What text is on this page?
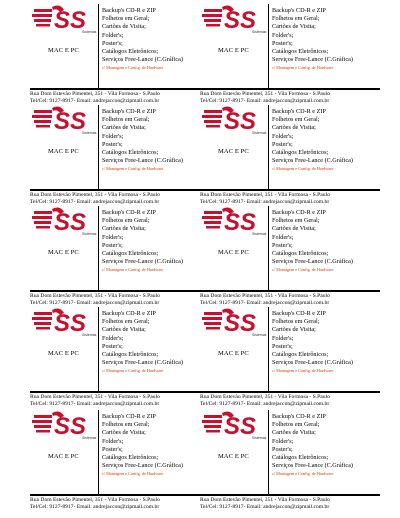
SS
Sistemas
MAC E PC
Backup's CD-R e ZIP
Folhetos em Geral;
Cartões de Visita;
Folder's;
Poster's;
Catálogos Eletrônicos;
Serviços Free-Lance (C.Gráfica)
c/ Montagem e Config. de Hardware
Rua Dom Estevão Pimentel, 351 - Vila Formosa - S.Paulo
Tel/Cel: 9127-8917- Email: andrejaccon@zipmail.com.br
SS
Sistemas
MAC E PC
Backup's CD-R e ZIP
Folhetos em Geral;
Cartões de Visita;
Folder's;
Poster's;
Catálogos Eletrônicos;
Serviços Free-Lance (C.Gráfica)
c/ Montagem e Config. de Hardware
Rua Dom Estevão Pimentel, 351 - Vila Formosa - S.Paulo
Tel/Cel: 9127-8917- Email: andrejaccon@zipmail.com.br
SS
Sistemas
MAC E PC
Backup's CD-R e ZIP
Folhetos em Geral;
Cartões de Visita;
Folder's;
Poster's;
Catálogos Eletrônicos;
Serviços Free-Lance (C.Gráfica)
c/ Montagem e Config. de Hardware
Rua Dom Estevão Pimentel, 351 - Vila Formosa - S.Paulo
Tel/Cel: 9127-8917- Email: andrejaccon@zipmail.com.br
SS
Sistemas
MAC E PC
Backup's CD-R e ZIP
Folhetos em Geral;
Cartões de Visita;
Folder's;
Poster's;
Catálogos Eletrônicos;
Serviços Free-Lance (C.Gráfica)
c/ Montagem e Config. de Hardware
Rua Dom Estevão Pimentel, 351 - Vila Formosa - S.Paulo
Tel/Cel: 9127-8917- Email: andrejaccon@zipmail.com.br
SS
Sistemas
MAC E PC
Backup's CD-R e ZIP
Folhetos em Geral;
Cartões de Visita;
Folder's;
Poster's;
Catálogos Eletrônicos;
Serviços Free-Lance (C.Gráfica)
c/ Montagem e Config. de Hardware
Rua Dom Estevão Pimentel, 351 - Vila Formosa - S.Paulo
Tel/Cel: 9127-8917- Email: andrejaccon@zipmail.com.br
SS
Sistemas
MAC E PC
Backup's CD-R e ZIP
Folhetos em Geral;
Cartões de Visita;
Folder's;
Poster's;
Catálogos Eletrônicos;
Serviços Free-Lance (C.Gráfica)
c/ Montagem e Config. de Hardware
Rua Dom Estevão Pimentel, 351 - Vila Formosa - S.Paulo
Tel/Cel: 9127-8917- Email: andrejaccon@zipmail.com.br
SS
Sistemas
MAC E PC
Backup's CD-R e ZIP
Folhetos em Geral;
Cartões de Visita;
Folder's;
Poster's;
Catálogos Eletrônicos;
Serviços Free-Lance (C.Gráfica)
c/ Montagem e Config. de Hardware
Rua Dom Estevão Pimentel, 351 - Vila Formosa - S.Paulo
Tel/Cel: 9127-8917- Email: andrejaccon@zipmail.com.br
SS
Sistemas
MAC E PC
Backup's CD-R e ZIP
Folhetos em Geral;
Cartões de Visita;
Folder's;
Poster's;
Catálogos Eletrônicos;
Serviços Free-Lance (C.Gráfica)
c/ Montagem e Config. de Hardware
Rua Dom Estevão Pimentel, 351 - Vila Formosa - S.Paulo
Tel/Cel: 9127-8917- Email: andrejaccon@zipmail.com.br
SS
Sistemas
MAC E PC
Backup's CD-R e ZIP
Folhetos em Geral;
Cartões de Visita;
Folder's;
Poster's;
Catálogos Eletrônicos;
Serviços Free-Lance (C.Gráfica)
c/ Montagem e Config. de Hardware
Rua Dom Estevão Pimentel, 351 - Vila Formosa - S.Paulo
Tel/Cel: 9127-8917- Email: andrejaccon@zipmail.com.br
SS
Sistemas
MAC E PC
Backup's CD-R e ZIP
Folhetos em Geral;
Cartões de Visita;
Folder's;
Poster's;
Catálogos Eletrônicos;
Serviços Free-Lance (C.Gráfica)
c/ Montagem e Config. de Hardware
Rua Dom Estevão Pimentel, 351 - Vila Formosa - S.Paulo
Tel/Cel: 9127-8917- Email: andrejaccon@zipmail.com.br
